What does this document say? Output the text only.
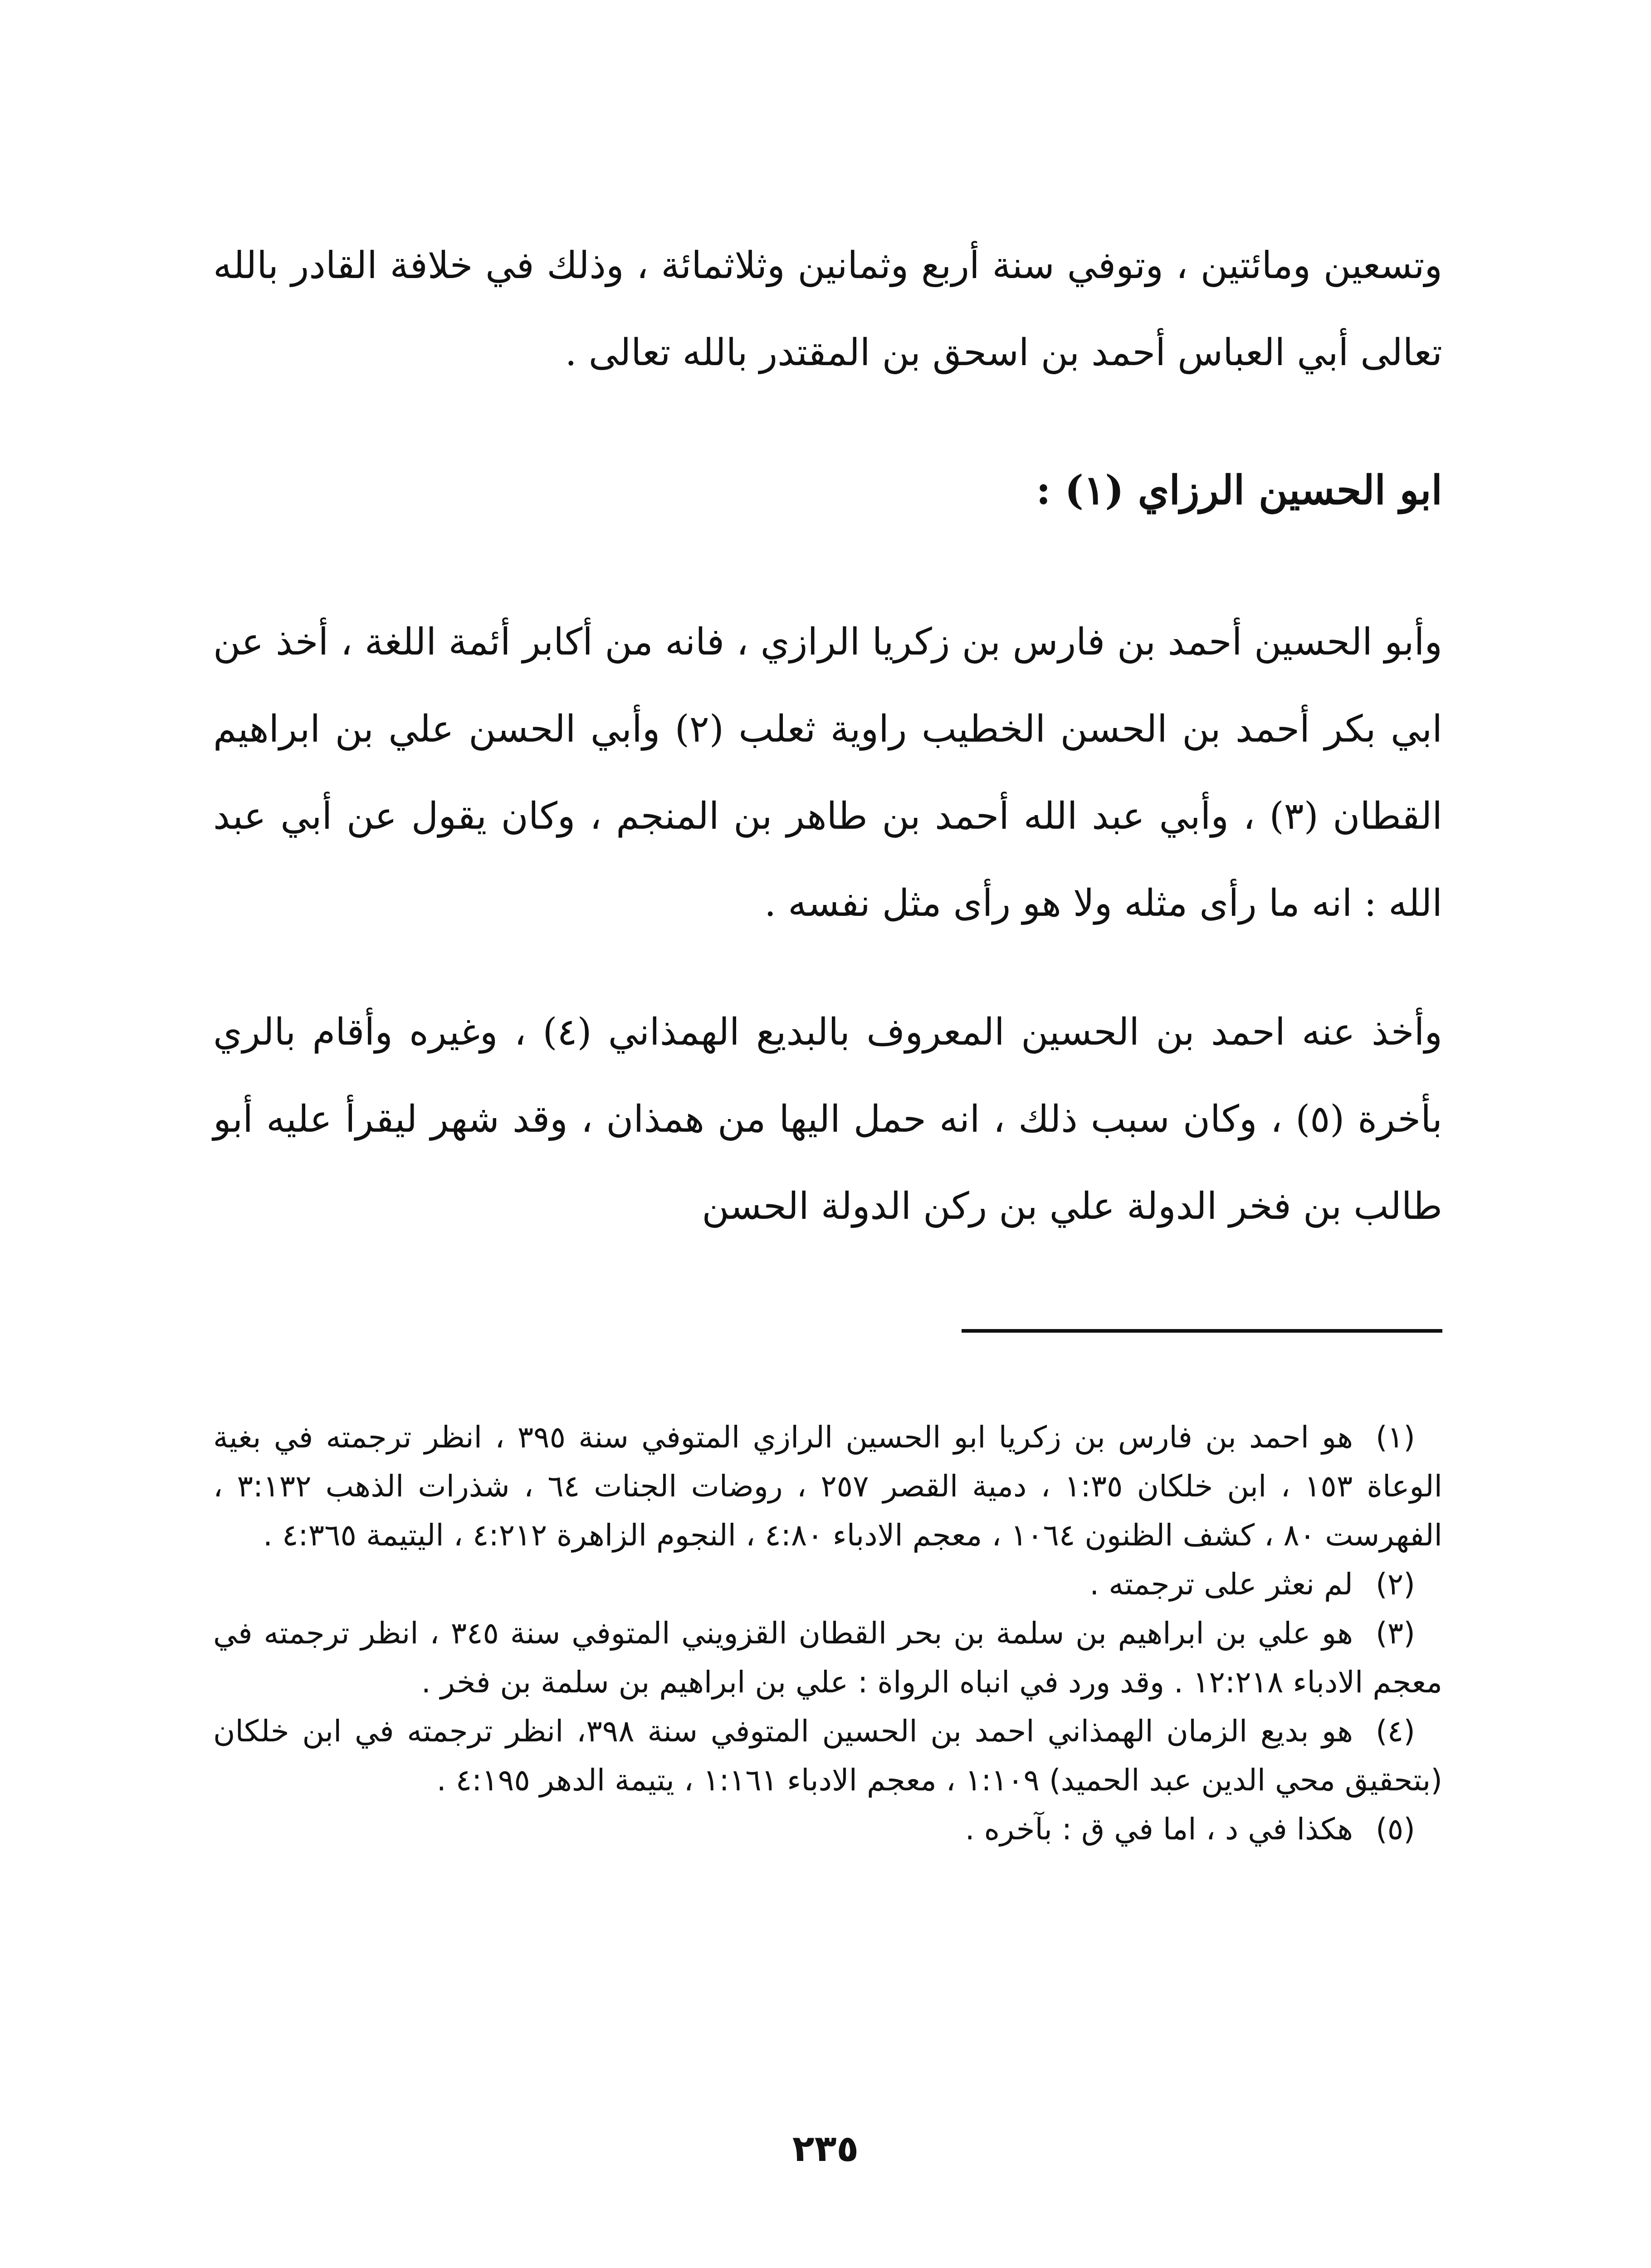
وتسعين ومائتين ، وتوفي سنة أربع وثمانين وثلاثمائة ، وذلك في خلافة القادر بالله تعالى أبي العباس أحمد بن اسحق بن المقتدر بالله تعالى .

ابو الحسين الرزاي (١) :

وأبو الحسين أحمد بن فارس بن زكريا الرازي ، فانه من أكابر أئمة اللغة ، أخذ عن ابي بكر أحمد بن الحسن الخطيب راوية ثعلب (٢) وأبي الحسن علي بن ابراهيم القطان (٣) ، وأبي عبد الله أحمد بن طاهر بن المنجم ، وكان يقول عن أبي عبد الله : انه ما رأى مثله ولا هو رأى مثل نفسه .

وأخذ عنه احمد بن الحسين المعروف بالبديع الهمذاني (٤) ، وغيره وأقام بالري بأخرة (٥) ، وكان سبب ذلك ، انه حمل اليها من همذان ، وقد شهر ليقرأ عليه أبو طالب بن فخر الدولة علي بن ركن الدولة الحسن

(١)هو احمد بن فارس بن زكريا ابو الحسين الرازي المتوفي سنة ٣٩٥ ، انظر ترجمته في بغية الوعاة ١٥٣ ، ابن خلكان ١:٣٥ ، دمية القصر ٢٥٧ ، روضات الجنات ٦٤ ، شذرات الذهب ٣:١٣٢ ، الفهرست ٨٠ ، كشف الظنون ١٠٦٤ ، معجم الادباء ٤:٨٠ ، النجوم الزاهرة ٤:٢١٢ ، اليتيمة ٤:٣٦٥ .

(٢)لم نعثر على ترجمته .

(٣)هو علي بن ابراهيم بن سلمة بن بحر القطان القزويني المتوفي سنة ٣٤٥ ، انظر ترجمته في معجم الادباء ١٢:٢١٨ . وقد ورد في انباه الرواة : علي بن ابراهيم بن سلمة بن فخر .

(٤)هو بديع الزمان الهمذاني احمد بن الحسين المتوفي سنة ٣٩٨، انظر ترجمته في ابن خلكان (بتحقيق محي الدين عبد الحميد) ١:١٠٩ ، معجم الادباء ١:١٦١ ، يتيمة الدهر ٤:١٩٥ .

(٥)هكذا في د ، اما في ق : بآخره .

٢٣٥
